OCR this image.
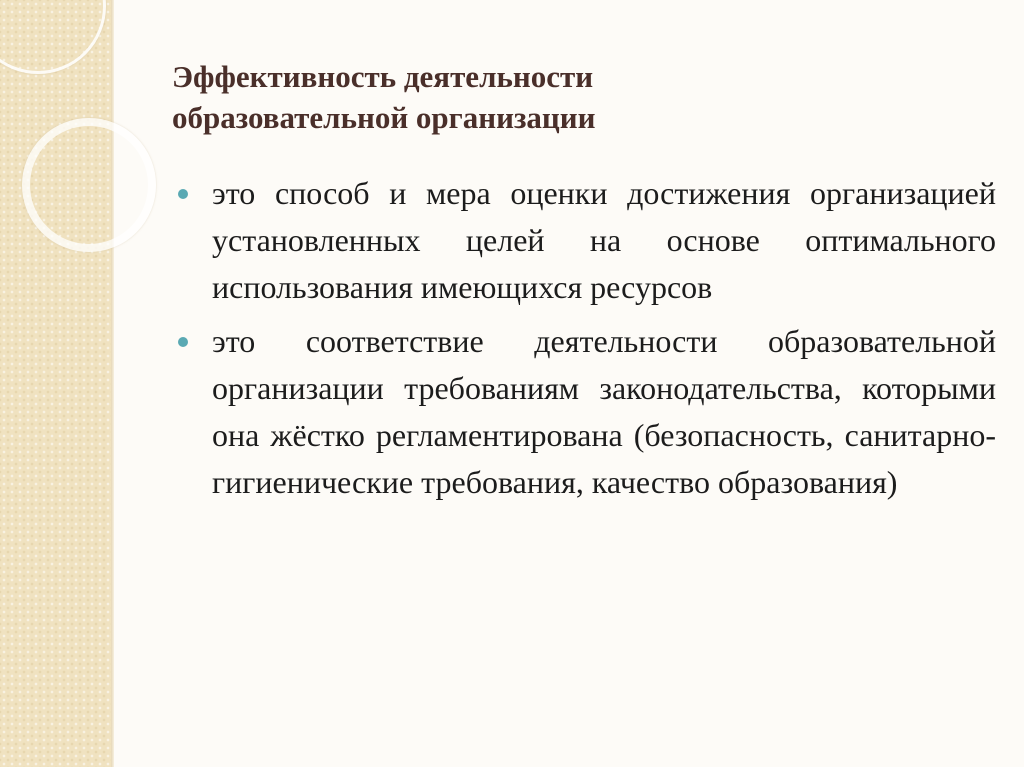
Эффективность деятельности
образовательной организации
это способ и мера оценки достижения организацией установленных целей на основе оптимального использования имеющихся ресурсов
это соответствие деятельности образовательной организации требованиям законодательства, которыми она жёстко регламентирована (безопасность, санитарно-гигиенические требования, качество образования)
